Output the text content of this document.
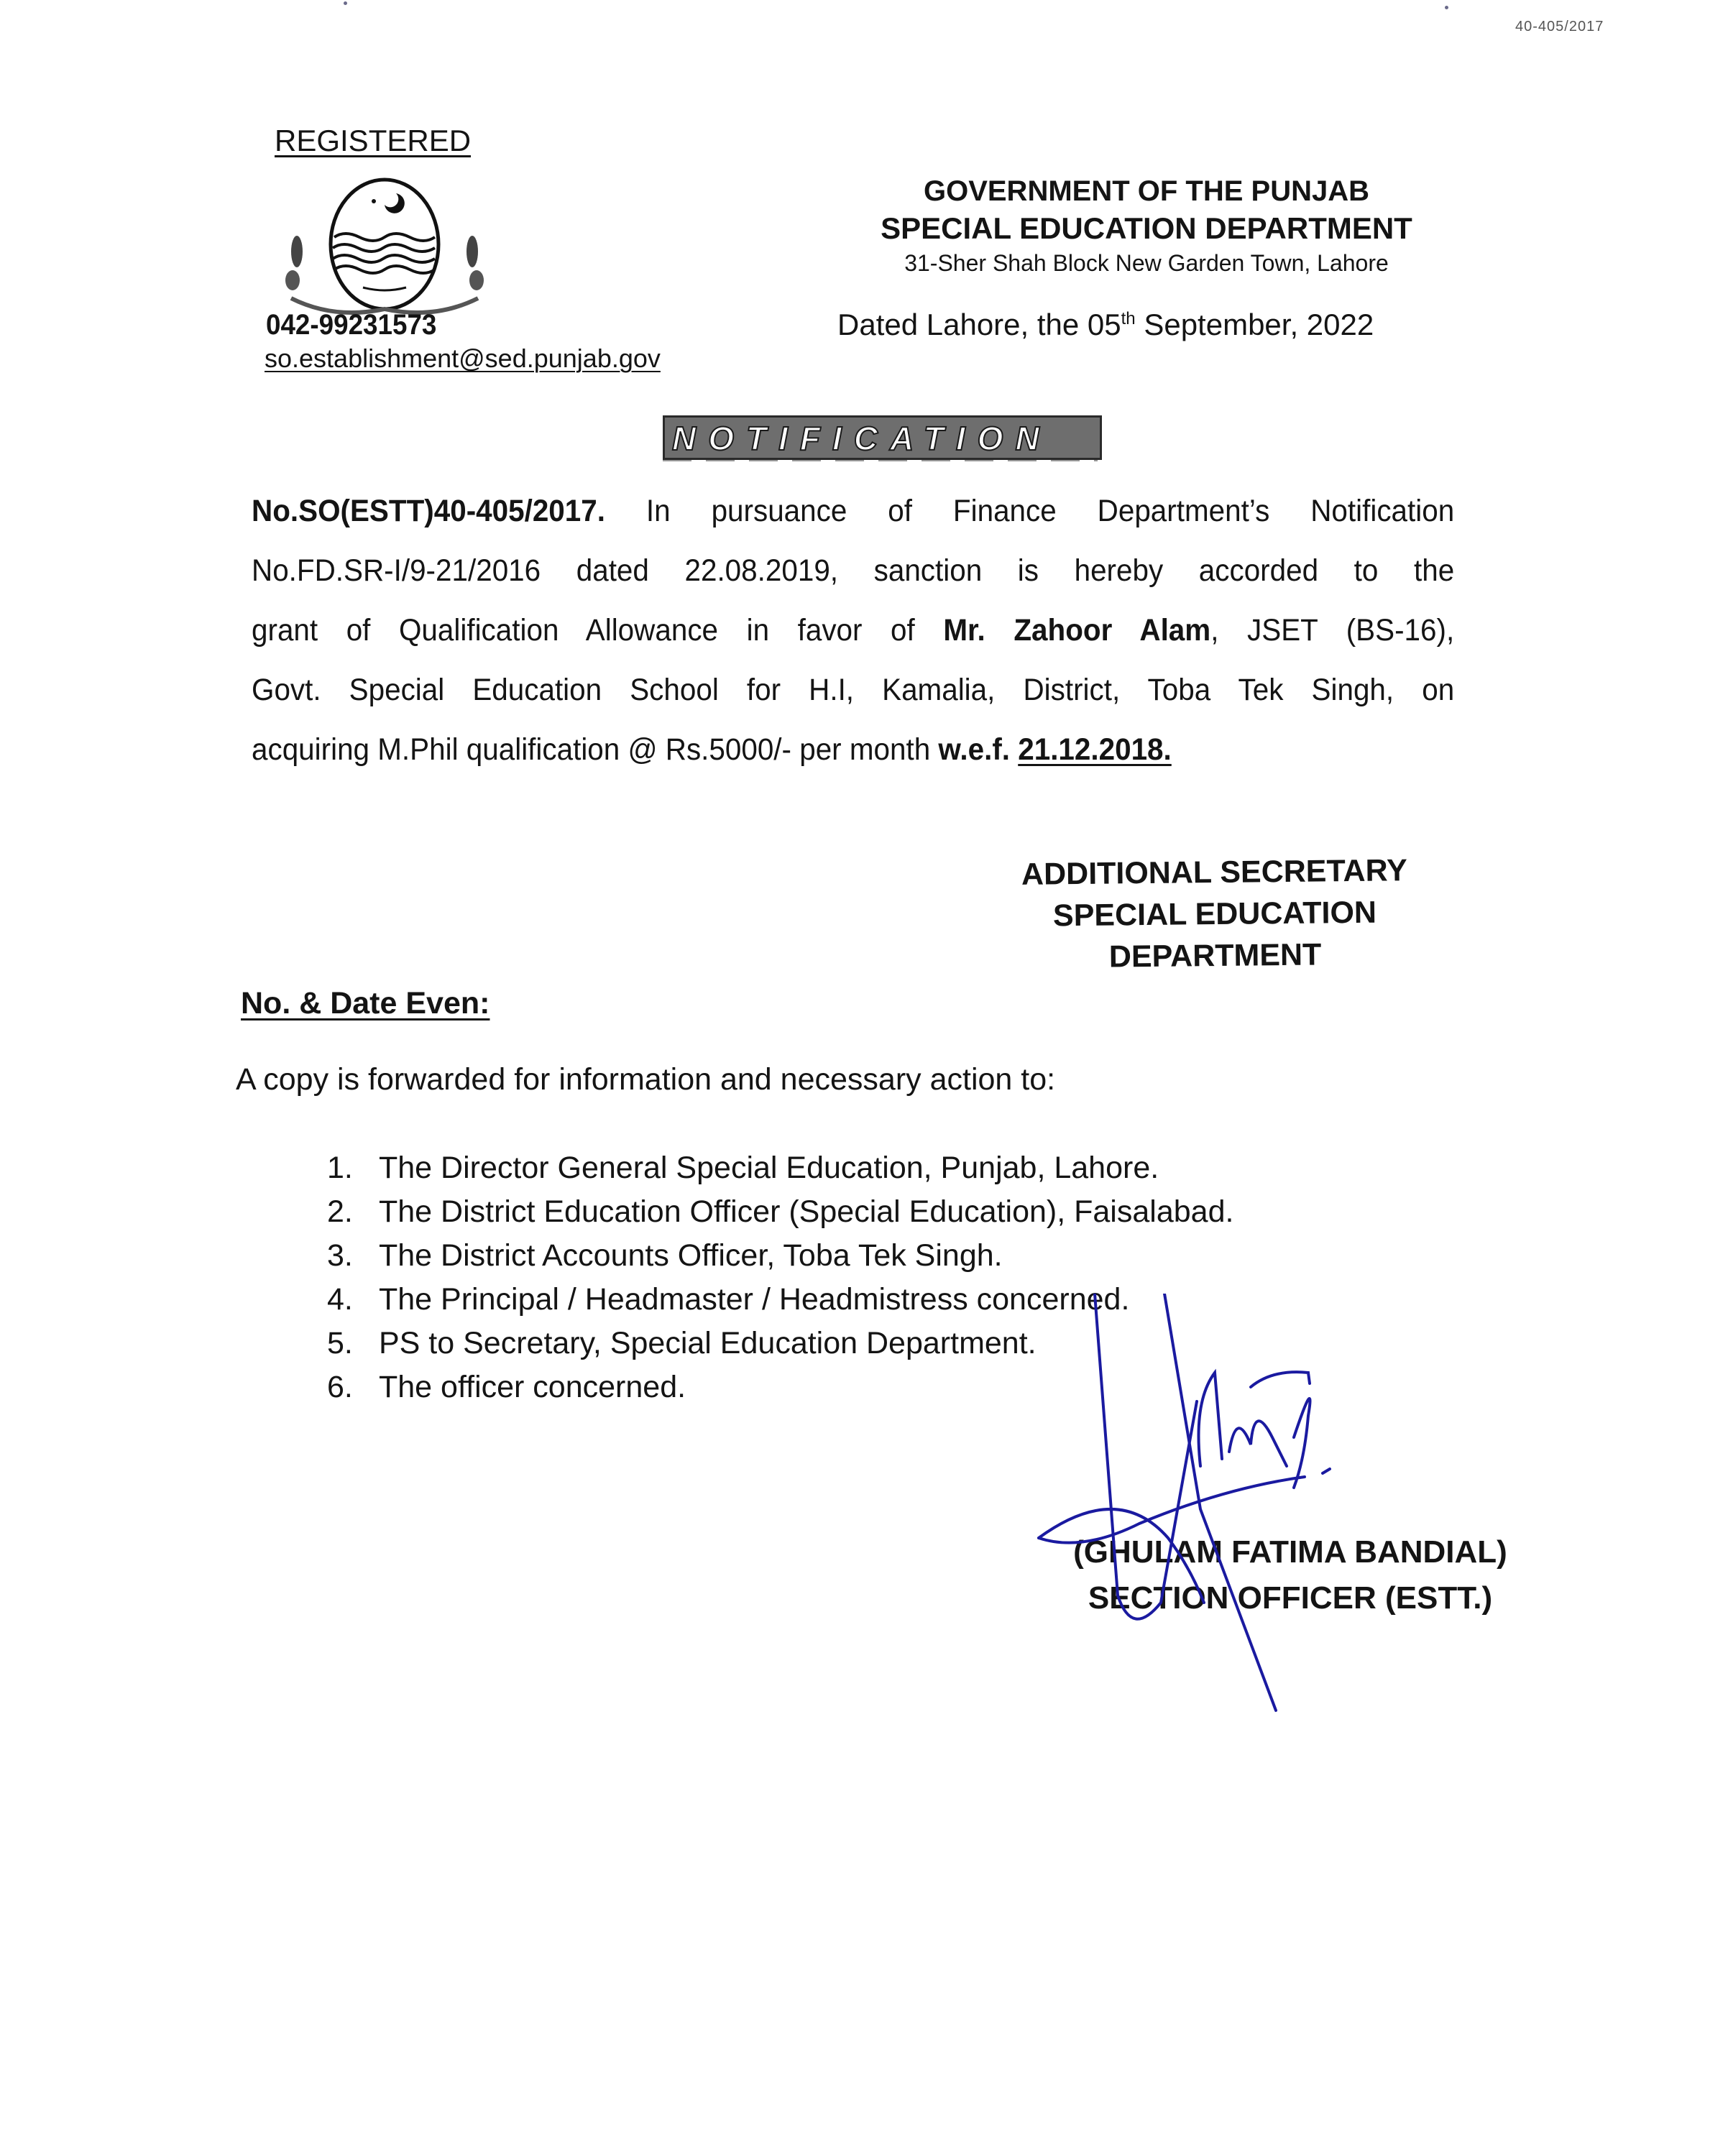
40-405/2017
REGISTERED
042-99231573
so.establishment@sed.punjab.gov
GOVERNMENT OF THE PUNJAB
SPECIAL EDUCATION DEPARTMENT
31-Sher Shah Block New Garden Town, Lahore
Dated Lahore, the 05th September, 2022
NOTIFICATION
No.SO(ESTT)40-405/2017. In pursuance of Finance Department’s Notification
No.FD.SR-I/9-21/2016 dated 22.08.2019, sanction is hereby accorded to the
grant of Qualification Allowance in favor of Mr. Zahoor Alam, JSET (BS-16),
Govt. Special Education School for H.I, Kamalia, District, Toba Tek Singh, on
acquiring M.Phil qualification @ Rs.5000/- per month w.e.f. 21.12.2018.
ADDITIONAL SECRETARY
SPECIAL EDUCATION
DEPARTMENT
No. & Date Even:
A copy is forwarded for information and necessary action to:
1. The Director General Special Education, Punjab, Lahore.
2. The District Education Officer (Special Education), Faisalabad.
3. The District Accounts Officer, Toba Tek Singh.
4. The Principal / Headmaster / Headmistress concerned.
5. PS to Secretary, Special Education Department.
6. The officer concerned.
(GHULAM FATIMA BANDIAL)
SECTION OFFICER (ESTT.)
